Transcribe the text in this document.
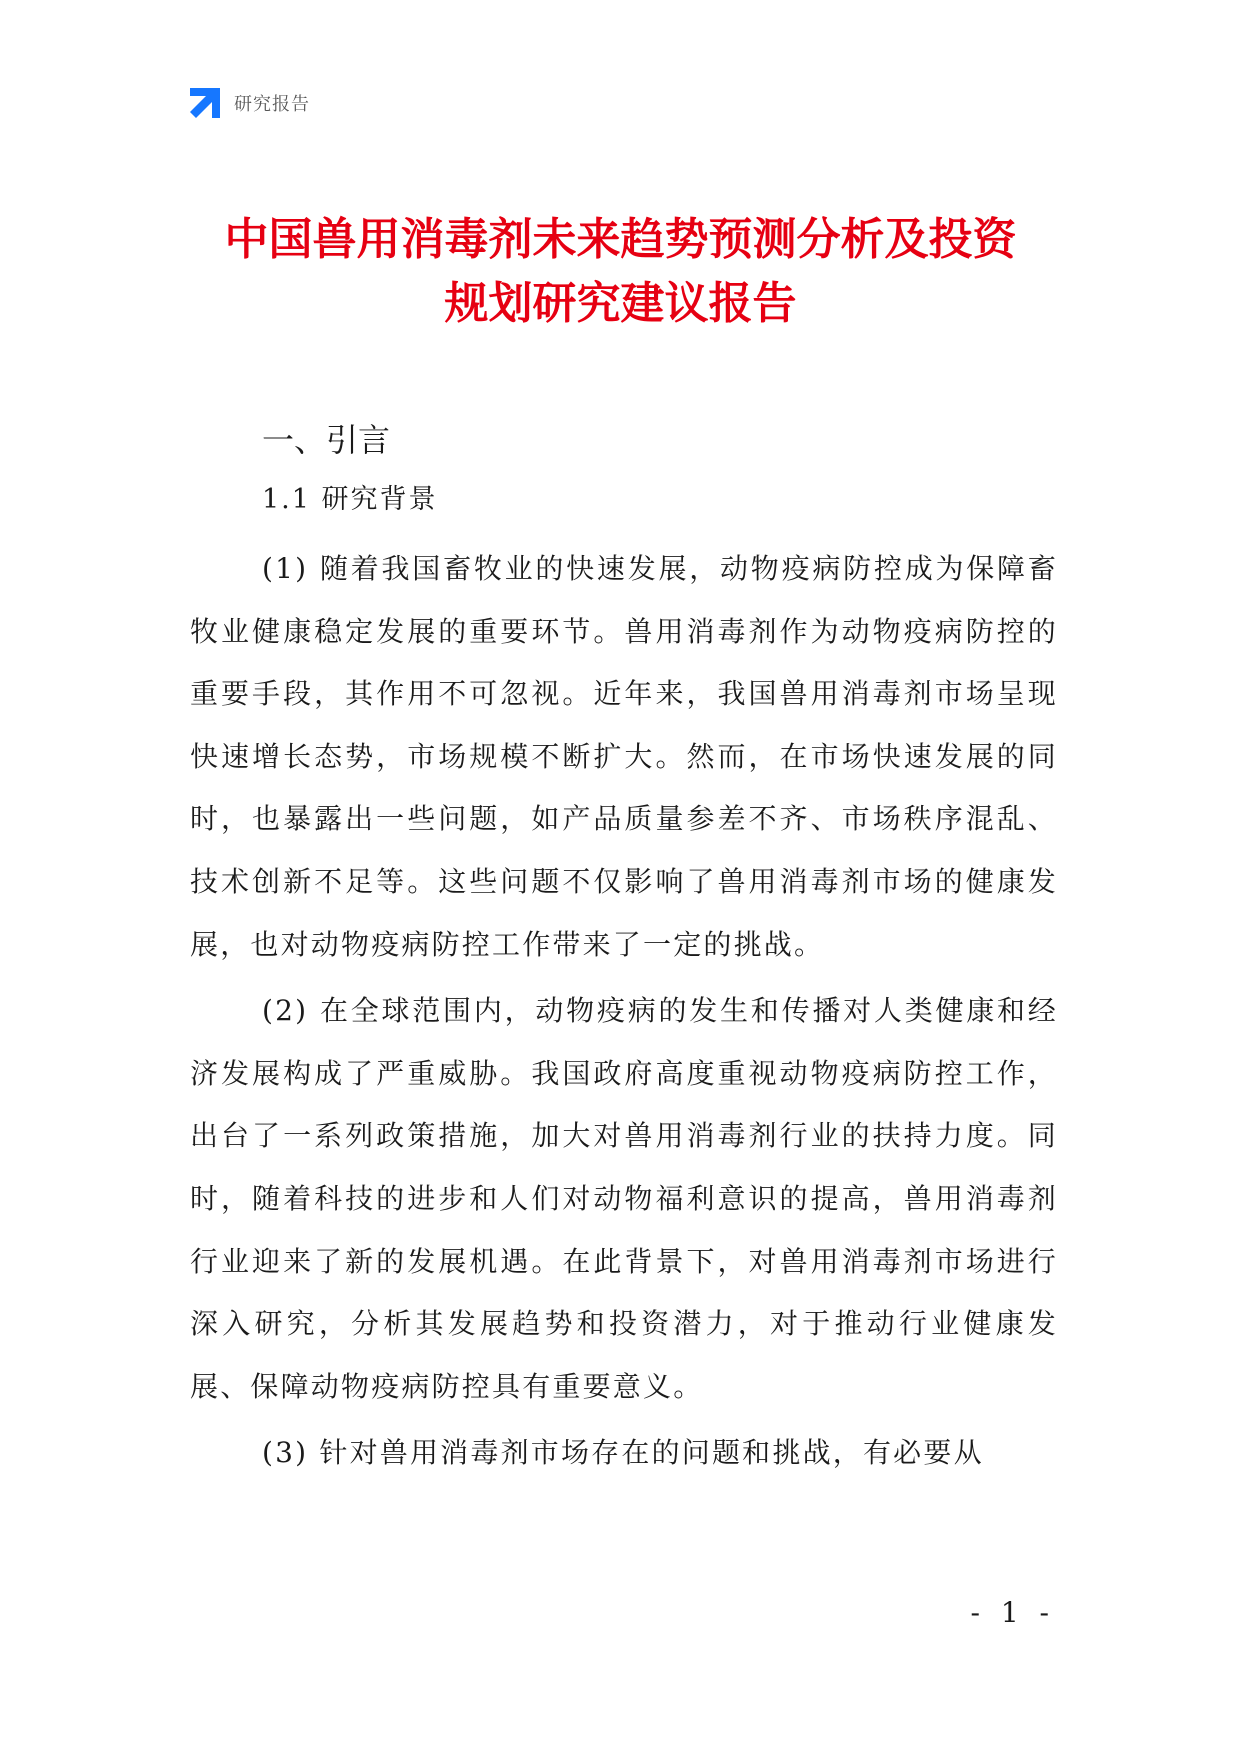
研究报告
中国兽用消毒剂未来趋势预测分析及投资
规划研究建议报告
一、引言
1.1 研究背景

(1) 随着我国畜牧业的快速发展，动物疫病防控成为保障畜牧业健康稳定发展的重要环节。兽用消毒剂作为动物疫病防控的重要手段，其作用不可忽视。近年来，我国兽用消毒剂市场呈现快速增长态势，市场规模不断扩大。然而，在市场快速发展的同时，也暴露出一些问题，如产品质量参差不齐、市场秩序混乱、技术创新不足等。这些问题不仅影响了兽用消毒剂市场的健康发展，也对动物疫病防控工作带来了一定的挑战。

(2) 在全球范围内，动物疫病的发生和传播对人类健康和经济发展构成了严重威胁。我国政府高度重视动物疫病防控工作，出台了一系列政策措施，加大对兽用消毒剂行业的扶持力度。同时，随着科技的进步和人们对动物福利意识的提高，兽用消毒剂行业迎来了新的发展机遇。在此背景下，对兽用消毒剂市场进行深入研究，分析其发展趋势和投资潜力，对于推动行业健康发展、保障动物疫病防控具有重要意义。

(3) 针对兽用消毒剂市场存在的问题和挑战，有必要从

- 1 -
